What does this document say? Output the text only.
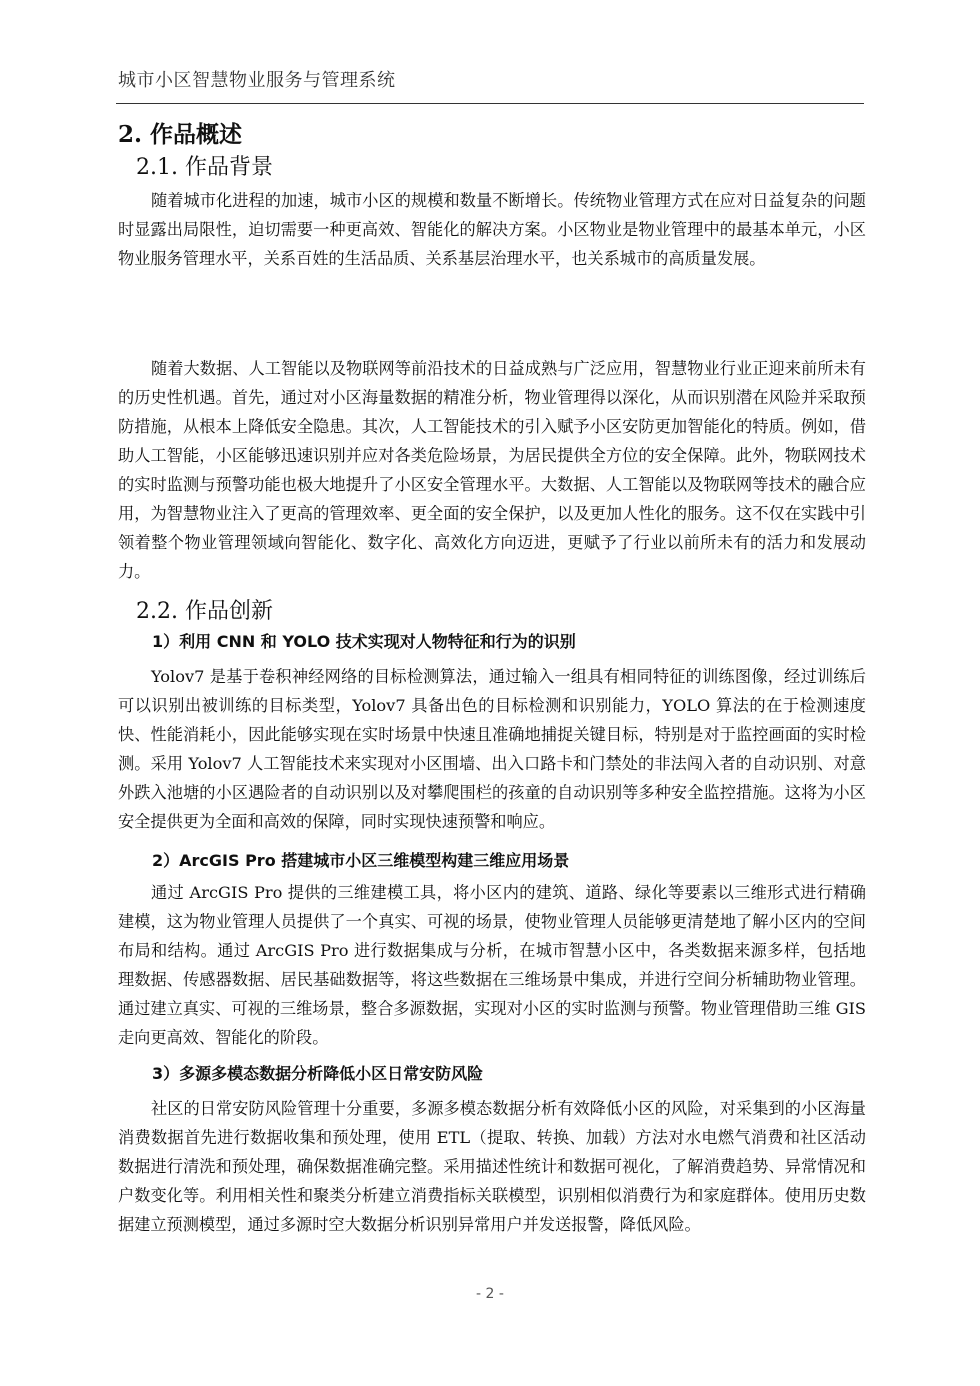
城市小区智慧物业服务与管理系统
2. 作品概述
2.1. 作品背景

随着城市化进程的加速，城市小区的规模和数量不断增长。传统物业管理方式在应对日益复杂的问题时显露出局限性，迫切需要一种更高效、智能化的解决方案。小区物业是物业管理中的最基本单元，小区物业服务管理水平，关系百姓的生活品质、关系基层治理水平，也关系城市的高质量发展。

随着大数据、人工智能以及物联网等前沿技术的日益成熟与广泛应用，智慧物业行业正迎来前所未有的历史性机遇。首先，通过对小区海量数据的精准分析，物业管理得以深化，从而识别潜在风险并采取预防措施，从根本上降低安全隐患。其次，人工智能技术的引入赋予小区安防更加智能化的特质。例如，借助人工智能，小区能够迅速识别并应对各类危险场景，为居民提供全方位的安全保障。此外，物联网技术的实时监测与预警功能也极大地提升了小区安全管理水平。大数据、人工智能以及物联网等技术的融合应用，为智慧物业注入了更高的管理效率、更全面的安全保护，以及更加人性化的服务。这不仅在实践中引领着整个物业管理领域向智能化、数字化、高效化方向迈进，更赋予了行业以前所未有的活力和发展动力。

2.2. 作品创新
1）利用 CNN 和 YOLO 技术实现对人物特征和行为的识别

Yolov7 是基于卷积神经网络的目标检测算法，通过输入一组具有相同特征的训练图像，经过训练后可以识别出被训练的目标类型，Yolov7 具备出色的目标检测和识别能力，YOLO 算法的在于检测速度快、性能消耗小，因此能够实现在实时场景中快速且准确地捕捉关键目标，特别是对于监控画面的实时检测。采用 Yolov7 人工智能技术来实现对小区围墙、出入口路卡和门禁处的非法闯入者的自动识别、对意外跌入池塘的小区遇险者的自动识别以及对攀爬围栏的孩童的自动识别等多种安全监控措施。这将为小区安全提供更为全面和高效的保障，同时实现快速预警和响应。

2）ArcGIS Pro 搭建城市小区三维模型构建三维应用场景

通过 ArcGIS Pro 提供的三维建模工具，将小区内的建筑、道路、绿化等要素以三维形式进行精确建模，这为物业管理人员提供了一个真实、可视的场景，使物业管理人员能够更清楚地了解小区内的空间布局和结构。通过 ArcGIS Pro 进行数据集成与分析，在城市智慧小区中，各类数据来源多样，包括地理数据、传感器数据、居民基础数据等，将这些数据在三维场景中集成，并进行空间分析辅助物业管理。通过建立真实、可视的三维场景，整合多源数据，实现对小区的实时监测与预警。物业管理借助三维 GIS 走向更高效、智能化的阶段。

3）多源多模态数据分析降低小区日常安防风险

社区的日常安防风险管理十分重要，多源多模态数据分析有效降低小区的风险，对采集到的小区海量消费数据首先进行数据收集和预处理，使用 ETL（提取、转换、加载）方法对水电燃气消费和社区活动数据进行清洗和预处理，确保数据准确完整。采用描述性统计和数据可视化，了解消费趋势、异常情况和户数变化等。利用相关性和聚类分析建立消费指标关联模型，识别相似消费行为和家庭群体。使用历史数据建立预测模型，通过多源时空大数据分析识别异常用户并发送报警，降低风险。

- 2 -
